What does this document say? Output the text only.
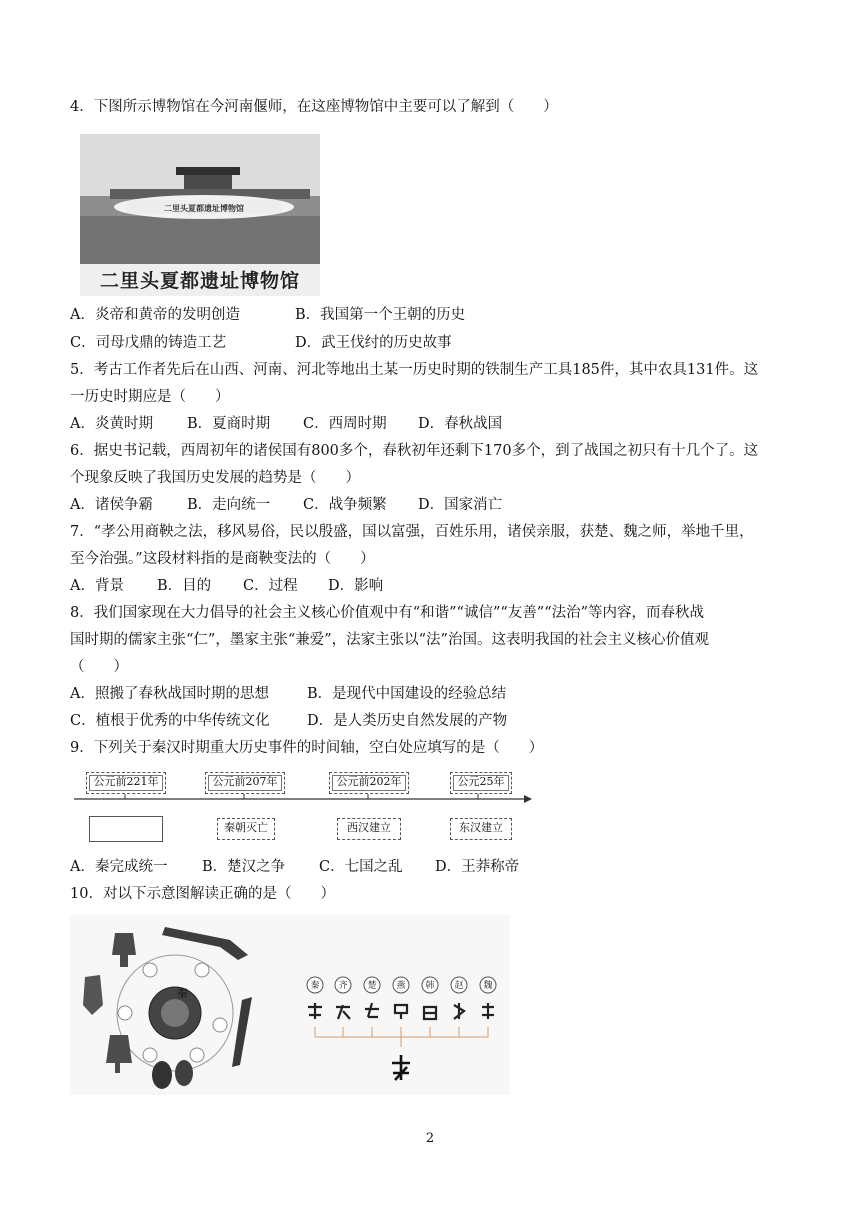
4．下图所示博物馆在今河南偃师，在这座博物馆中主要可以了解到（　　）
二里头夏都遗址博物馆
二里头夏都遗址博物馆
A．炎帝和黄帝的发明创造	B．我国第一个王朝的历史
C．司母戊鼎的铸造工艺	D．武王伐纣的历史故事
5．考古工作者先后在山西、河南、河北等地出土某一历史时期的铁制生产工具185件，其中农具131件。这
一历史时期应是（　　）
A．炎黄时期 B．夏商时期 C．西周时期 D．春秋战国
6．据史书记载，西周初年的诸侯国有800多个，春秋初年还剩下170多个，到了战国之初只有十几个了。这
个现象反映了我国历史发展的趋势是（　　）
A．诸侯争霸 B．走向统一 C．战争频繁 D．国家消亡
7．“孝公用商鞅之法，移风易俗，民以殷盛，国以富强，百姓乐用，诸侯亲服，获楚、魏之师，举地千里，
至今治强。”这段材料指的是商鞅变法的（　　）
A．背景 B．目的 C．过程 D．影响
8．我们国家现在大力倡导的社会主义核心价值观中有“和谐”“诚信”“友善”“法治”等内容，而春秋战
国时期的儒家主张“仁”，墨家主张“兼爱”，法家主张以“法”治国。这表明我国的社会主义核心价值观
（　　）
A．照搬了春秋战国时期的思想	B．是现代中国建设的经验总结
C．植根于优秀的中华传统文化	D．是人类历史自然发展的产物
9．下列关于秦汉时期重大历史事件的时间轴，空白处应填写的是（　　）
公元前221年	公元前207年	公元前202年	公元25年
秦朝灭亡	西汉建立	东汉建立
A．秦完成统一 B．楚汉之争 C．七国之乱 D．王莽称帝
10．对以下示意图解读正确的是（　　）
秦
秦 齐 楚 燕 韩 赵 魏
2
